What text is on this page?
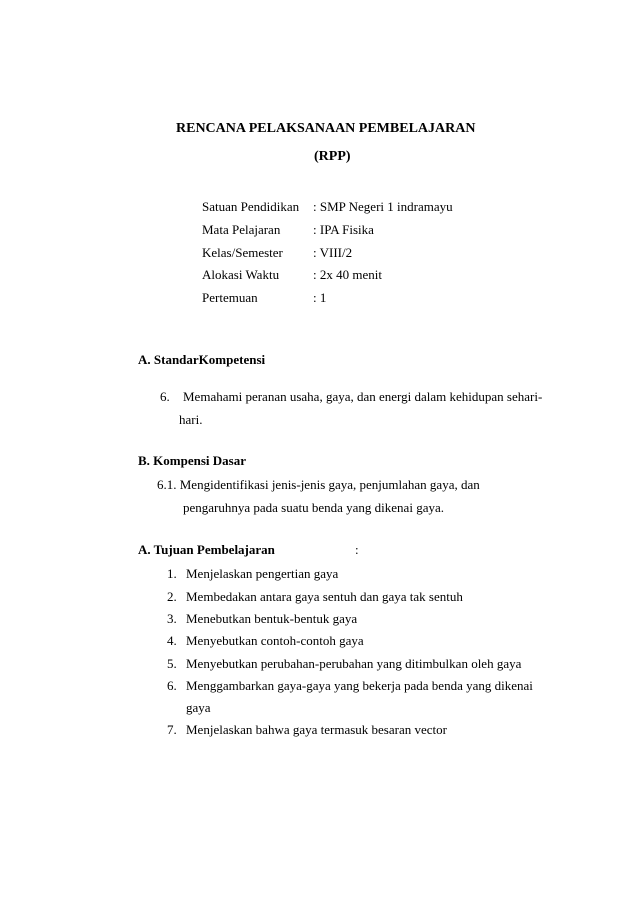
RENCANA PELAKSANAAN PEMBELAJARAN
(RPP)
Satuan Pendidikan : SMP Negeri 1 indramayu
Mata Pelajaran	: IPA Fisika
Kelas/Semester : VIII/2
Alokasi Waktu	: 2x 40 menit
Pertemuan	: 1
A. StandarKompetensi
6. Memahami peranan usaha, gaya, dan energi dalam kehidupan sehari-
hari.
B. Kompensi Dasar
6.1. Mengidentifikasi jenis-jenis gaya, penjumlahan gaya, dan
pengaruhnya pada suatu benda yang dikenai gaya.
A. Tujuan Pembelajaran	:
1. Menjelaskan pengertian gaya
2. Membedakan antara gaya sentuh dan gaya tak sentuh
3. Menebutkan bentuk-bentuk gaya
4. Menyebutkan contoh-contoh gaya
5. Menyebutkan perubahan-perubahan yang ditimbulkan oleh gaya
6. Menggambarkan gaya-gaya yang bekerja pada benda yang dikenai
gaya
7. Menjelaskan bahwa gaya termasuk besaran vector
